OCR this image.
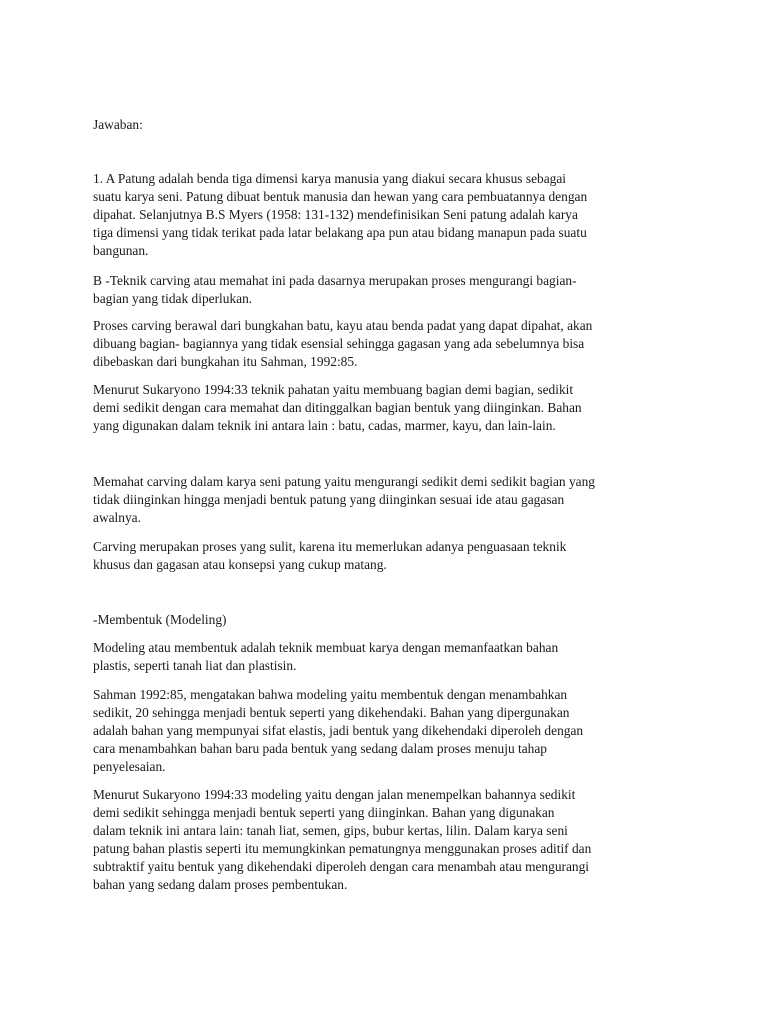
Jawaban:

1. A Patung adalah benda tiga dimensi karya manusia yang diakui secara khusus sebagai
suatu karya seni. Patung dibuat bentuk manusia dan hewan yang cara pembuatannya dengan
dipahat. Selanjutnya B.S Myers (1958: 131-132) mendefinisikan Seni patung adalah karya
tiga dimensi yang tidak terikat pada latar belakang apa pun atau bidang manapun pada suatu
bangunan.

B -Teknik carving atau memahat ini pada dasarnya merupakan proses mengurangi bagian-
bagian yang tidak diperlukan.

Proses carving berawal dari bungkahan batu, kayu atau benda padat yang dapat dipahat, akan
dibuang bagian- bagiannya yang tidak esensial sehingga gagasan yang ada sebelumnya bisa
dibebaskan dari bungkahan itu Sahman, 1992:85.

Menurut Sukaryono 1994:33 teknik pahatan yaitu membuang bagian demi bagian, sedikit
demi sedikit dengan cara memahat dan ditinggalkan bagian bentuk yang diinginkan. Bahan
yang digunakan dalam teknik ini antara lain : batu, cadas, marmer, kayu, dan lain-lain.

Memahat carving dalam karya seni patung yaitu mengurangi sedikit demi sedikit bagian yang
tidak diinginkan hingga menjadi bentuk patung yang diinginkan sesuai ide atau gagasan
awalnya.

Carving merupakan proses yang sulit, karena itu memerlukan adanya penguasaan teknik
khusus dan gagasan atau konsepsi yang cukup matang.

-Membentuk (Modeling)

Modeling atau membentuk adalah teknik membuat karya dengan memanfaatkan bahan
plastis, seperti tanah liat dan plastisin.

Sahman 1992:85, mengatakan bahwa modeling yaitu membentuk dengan menambahkan
sedikit, 20 sehingga menjadi bentuk seperti yang dikehendaki. Bahan yang dipergunakan
adalah bahan yang mempunyai sifat elastis, jadi bentuk yang dikehendaki diperoleh dengan
cara menambahkan bahan baru pada bentuk yang sedang dalam proses menuju tahap
penyelesaian.

Menurut Sukaryono 1994:33 modeling yaitu dengan jalan menempelkan bahannya sedikit
demi sedikit sehingga menjadi bentuk seperti yang diinginkan. Bahan yang digunakan
dalam teknik ini antara lain: tanah liat, semen, gips, bubur kertas, lilin. Dalam karya seni
patung bahan plastis seperti itu memungkinkan pematungnya menggunakan proses aditif dan
subtraktif yaitu bentuk yang dikehendaki diperoleh dengan cara menambah atau mengurangi
bahan yang sedang dalam proses pembentukan.
